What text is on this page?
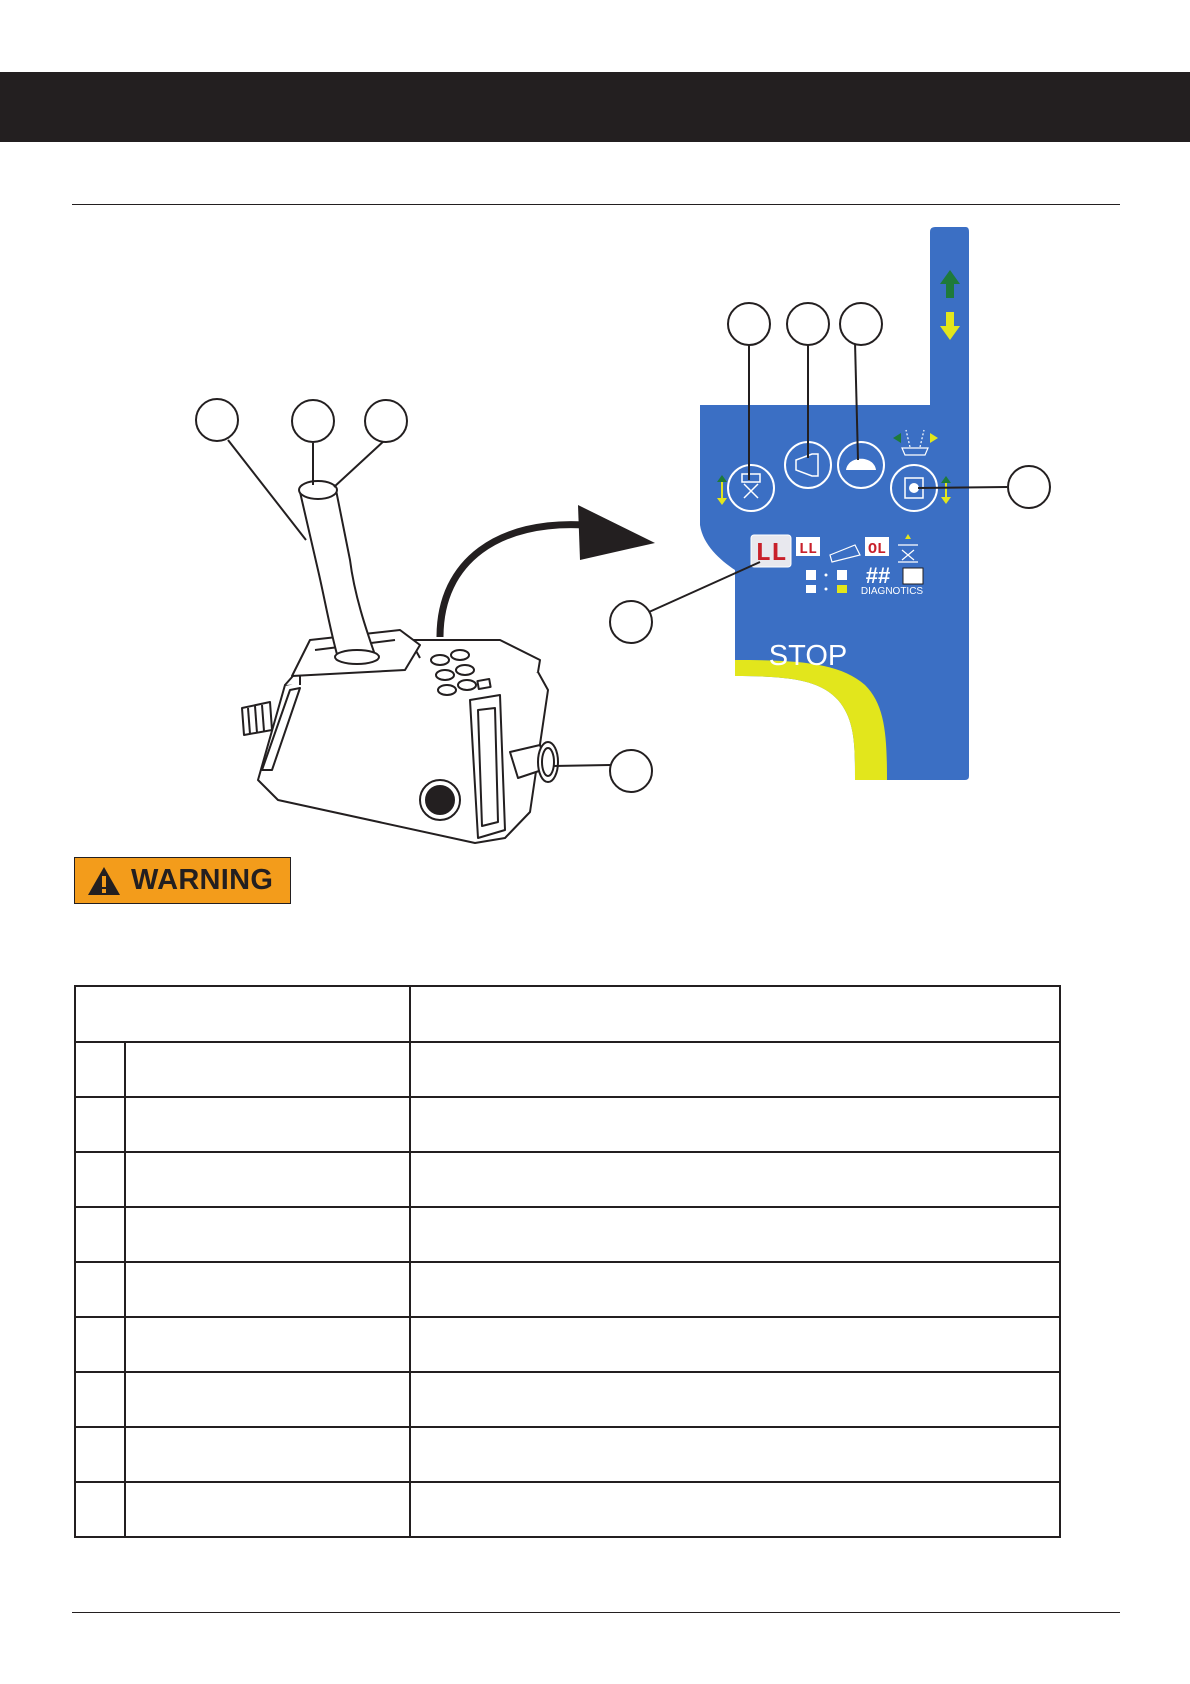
STOP
LL LL	OL
##
DIAGNOTICS
WARNING
